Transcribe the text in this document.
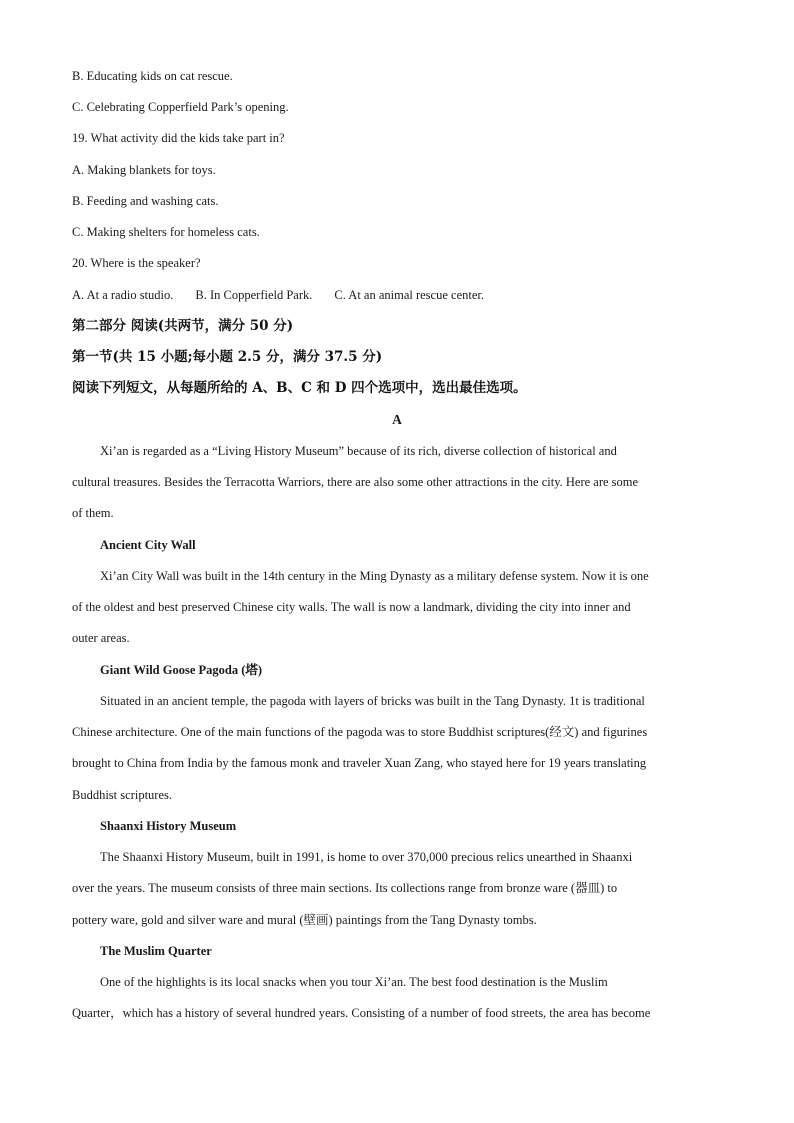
B. Educating kids on cat rescue.
C. Celebrating Copperfield Park’s opening.
19. What activity did the kids take part in?
A. Making blankets for toys.
B. Feeding and washing cats.
C. Making shelters for homeless cats.
20. Where is the speaker?
A. At a radio studio. B. In Copperfield Park. C. At an animal rescue center.
第二部分 阅读(共两节，满分 50 分)
第一节(共 15 小题;每小题 2.5 分，满分 37.5 分)
阅读下列短文，从每题所给的 A、B、C 和 D 四个选项中，选出最佳选项。
A
Xi’an is regarded as a “Living History Museum” because of its rich, diverse collection of historical and
cultural treasures. Besides the Terracotta Warriors, there are also some other attractions in the city. Here are some
of them.
Ancient City Wall
Xi’an City Wall was built in the 14th century in the Ming Dynasty as a military defense system. Now it is one
of the oldest and best preserved Chinese city walls. The wall is now a landmark, dividing the city into inner and
outer areas.
Giant Wild Goose Pagoda (塔)
Situated in an ancient temple, the pagoda with layers of bricks was built in the Tang Dynasty. 1t is traditional
Chinese architecture. One of the main functions of the pagoda was to store Buddhist scriptures(经文) and figurines
brought to China from India by the famous monk and traveler Xuan Zang, who stayed here for 19 years translating
Buddhist scriptures.
Shaanxi History Museum
The Shaanxi History Museum, built in 1991, is home to over 370,000 precious relics unearthed in Shaanxi
over the years. The museum consists of three main sections. Its collections range from bronze ware (器皿) to
pottery ware, gold and silver ware and mural (壁画) paintings from the Tang Dynasty tombs.
The Muslim Quarter
One of the highlights is its local snacks when you tour Xi’an. The best food destination is the Muslim
Quarter，which has a history of several hundred years. Consisting of a number of food streets, the area has become
